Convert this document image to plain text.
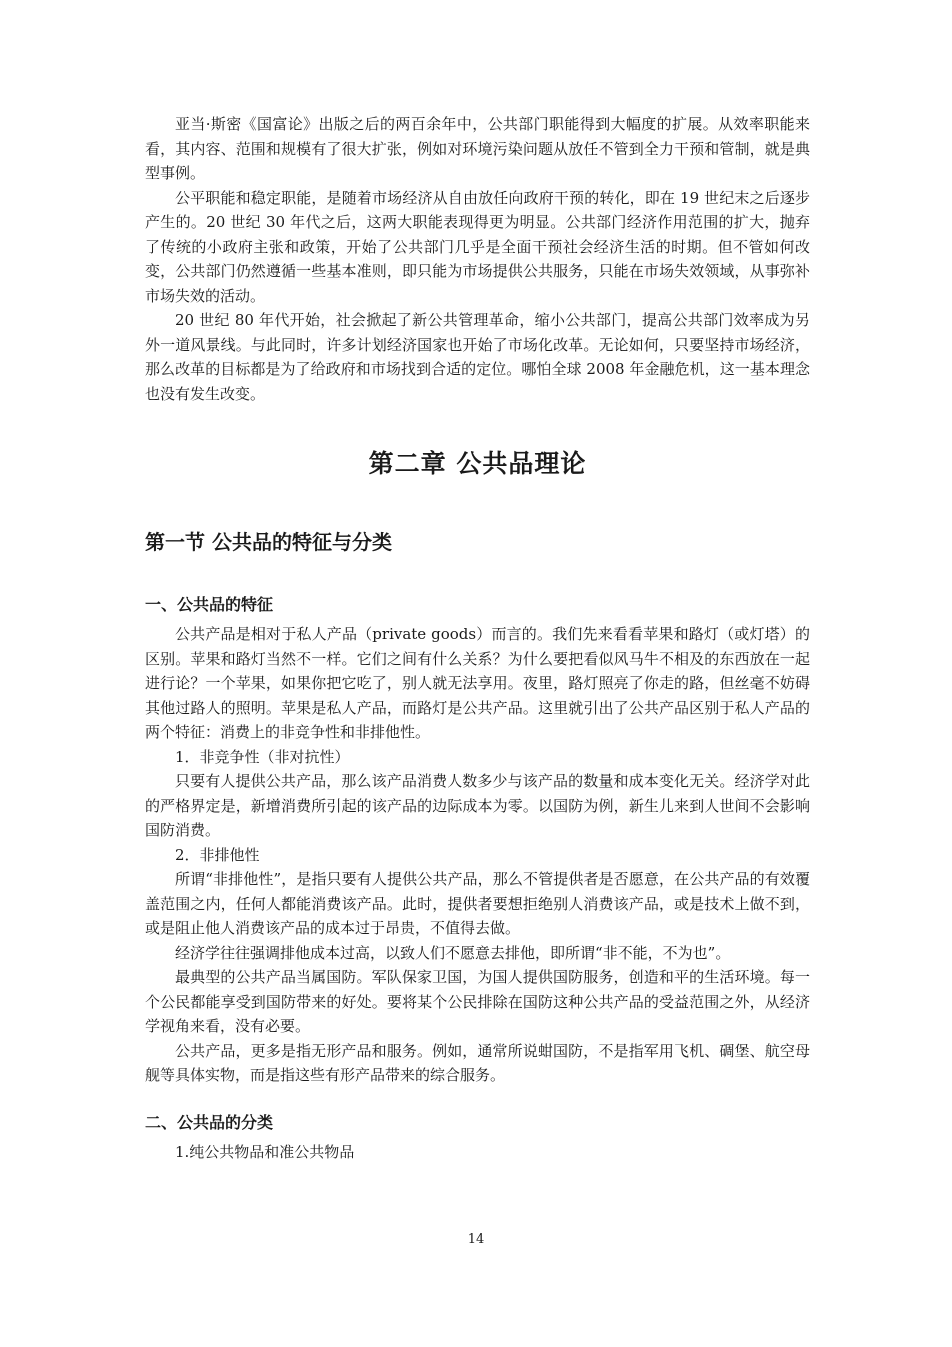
亚当·斯密《国富论》出版之后的两百余年中，公共部门职能得到大幅度的扩展。从效率职能来看，其内容、范围和规模有了很大扩张，例如对环境污染问题从放任不管到全力干预和管制，就是典型事例。

公平职能和稳定职能，是随着市场经济从自由放任向政府干预的转化，即在 19 世纪末之后逐步产生的。20 世纪 30 年代之后，这两大职能表现得更为明显。公共部门经济作用范围的扩大，抛弃了传统的小政府主张和政策，开始了公共部门几乎是全面干预社会经济生活的时期。但不管如何改变，公共部门仍然遵循一些基本准则，即只能为市场提供公共服务，只能在市场失效领域，从事弥补市场失效的活动。

20 世纪 80 年代开始，社会掀起了新公共管理革命，缩小公共部门，提高公共部门效率成为另外一道风景线。与此同时，许多计划经济国家也开始了市场化改革。无论如何，只要坚持市场经济，那么改革的目标都是为了给政府和市场找到合适的定位。哪怕全球 2008 年金融危机，这一基本理念也没有发生改变。

第二章 公共品理论
第一节 公共品的特征与分类
一、公共品的特征

公共产品是相对于私人产品（private goods）而言的。我们先来看看苹果和路灯（或灯塔）的区别。苹果和路灯当然不一样。它们之间有什么关系？为什么要把看似风马牛不相及的东西放在一起进行论？一个苹果，如果你把它吃了，别人就无法享用。夜里，路灯照亮了你走的路，但丝毫不妨碍其他过路人的照明。苹果是私人产品，而路灯是公共产品。这里就引出了公共产品区别于私人产品的两个特征：消费上的非竞争性和非排他性。

1．非竞争性（非对抗性）

只要有人提供公共产品，那么该产品消费人数多少与该产品的数量和成本变化无关。经济学对此的严格界定是，新增消费所引起的该产品的边际成本为零。以国防为例，新生儿来到人世间不会影响国防消费。

2．非排他性

所谓“非排他性”，是指只要有人提供公共产品，那么不管提供者是否愿意，在公共产品的有效覆盖范围之内，任何人都能消费该产品。此时，提供者要想拒绝别人消费该产品，或是技术上做不到，或是阻止他人消费该产品的成本过于昂贵，不值得去做。

经济学往往强调排他成本过高，以致人们不愿意去排他，即所谓“非不能，不为也”。

最典型的公共产品当属国防。军队保家卫国，为国人提供国防服务，创造和平的生活环境。每一个公民都能享受到国防带来的好处。要将某个公民排除在国防这种公共产品的受益范围之外，从经济学视角来看，没有必要。

公共产品，更多是指无形产品和服务。例如，通常所说蚶国防，不是指军用飞机、碉堡、航空母舰等具体实物，而是指这些有形产品带来的综合服务。

二、公共品的分类

1.纯公共物品和准公共物品

14
